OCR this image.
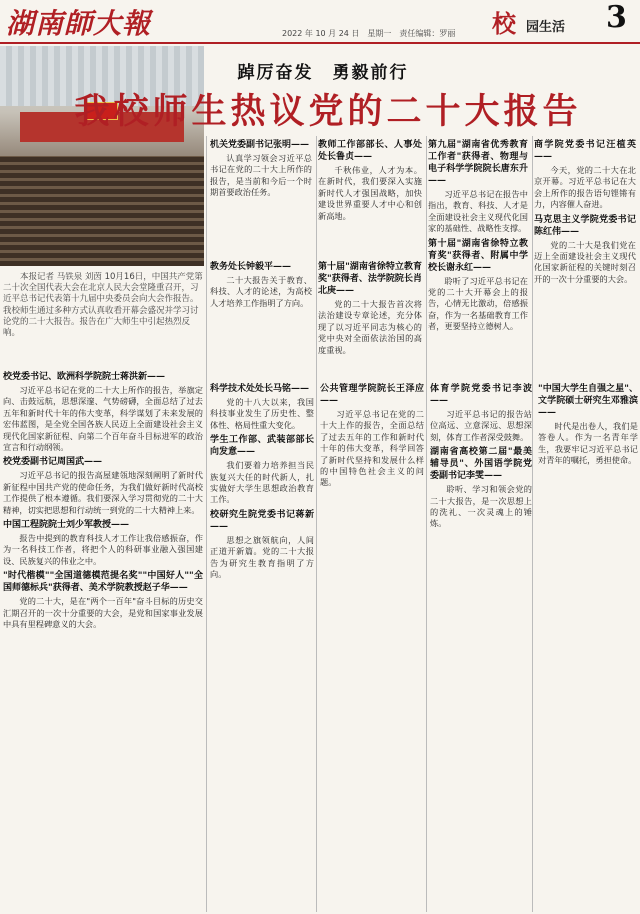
湖南師大報	2022 年 10 月 24 日　星期一　责任编辑：罗丽 校 园生活 3
踔厉奋发　勇毅前行
我校师生热议党的二十大报告
本报记者 马铁泉 刘茵 10月16日，中国共产党第二十次全国代表大会在北京人民大会堂隆重召开，习近平总书记代表第十九届中央委员会向大会作报告。我校师生通过多种方式认真收看开幕会盛况并学习讨论党的二十大报告。报告在广大师生中引起热烈反响。
校党委书记、欧洲科学院院士蒋洪新——

习近平总书记在党的二十大上所作的报告，举旗定向、击鼓远航，思想深邃、气势磅礴，全面总结了过去五年和新时代十年的伟大变革，科学谋划了未来发展的宏伟蓝图，是全党全国各族人民迈上全面建设社会主义现代化国家新征程、向第二个百年奋斗目标进军的政治宣言和行动纲领。

校党委副书记周国武——

习近平总书记的报告高屋建瓴地深刻阐明了新时代新征程中国共产党的使命任务，为我们做好新时代高校工作提供了根本遵循。我们要深入学习贯彻党的二十大精神，切实把思想和行动统一到党的二十大精神上来。

中国工程院院士刘少军教授——

报告中提到的教育科技人才工作让我倍感振奋，作为一名科技工作者，将把个人的科研事业融入强国建设、民族复兴的伟业之中。

"时代楷模""全国道德模范提名奖""中国好人""全国师德标兵"获得者、美术学院教授赵子华——

党的二十大，是在"两个一百年"奋斗目标的历史交汇期召开的一次十分重要的大会，是党和国家事业发展中具有里程碑意义的大会。

机关党委副书记张明——

认真学习领会习近平总书记在党的二十大上所作的报告，是当前和今后一个时期首要政治任务。

教务处长钟毅平——

二十大报告关于教育、科技、人才的论述，为高校人才培养工作指明了方向。

教师工作部部长、人事处处长鲁贞——

千秋伟业，人才为本。在新时代，我们要深入实施新时代人才强国战略，加快建设世界重要人才中心和创新高地。

第十届"湖南省徐特立教育奖"获得者、法学院院长肖北庚——

党的二十大报告首次将法治建设专章论述，充分体现了以习近平同志为核心的党中央对全面依法治国的高度重视。

第九届"湖南省优秀教育工作者"获得者、物理与电子科学学院院长唐东升——

习近平总书记在报告中指出，教育、科技、人才是全面建设社会主义现代化国家的基础性、战略性支撑。

第十届"湖南省徐特立教育奖"获得者、附属中学校长谢永红——

聆听了习近平总书记在党的二十大开幕会上的报告，心情无比激动，倍感振奋，作为一名基础教育工作者，更要坚持立德树人。

商学院党委书记汪植英——

今天，党的二十大在北京开幕。习近平总书记在大会上所作的报告语句铿锵有力，内容催人奋进。

马克思主义学院党委书记陈红伟——

党的二十大是我们党在迈上全面建设社会主义现代化国家新征程的关键时刻召开的一次十分重要的大会。

科学技术处处长马铭——

党的十八大以来，我国科技事业发生了历史性、整体性、格局性重大变化。

学生工作部、武装部部长向发意——

我们要着力培养担当民族复兴大任的时代新人，扎实做好大学生思想政治教育工作。

校研究生院党委书记蒋新——

思想之旗领航向，人间正道开新篇。党的二十大报告为研究生教育指明了方向。

公共管理学院院长王泽应——

习近平总书记在党的二十大上作的报告，全面总结了过去五年的工作和新时代十年的伟大变革，科学回答了新时代坚持和发展什么样的中国特色社会主义的问题。

体育学院党委书记李波——

习近平总书记的报告站位高远、立意深远、思想深刻，体育工作者深受鼓舞。

湖南省高校第二届"最美辅导员"、外国语学院党委副书记李雯——

聆听、学习和领会党的二十大报告，是一次思想上的洗礼、一次灵魂上的锤炼。

"中国大学生自强之星"、文学院硕士研究生邓雅滨——

时代是出卷人，我们是答卷人。作为一名青年学生，我要牢记习近平总书记对青年的嘱托，勇担使命。
